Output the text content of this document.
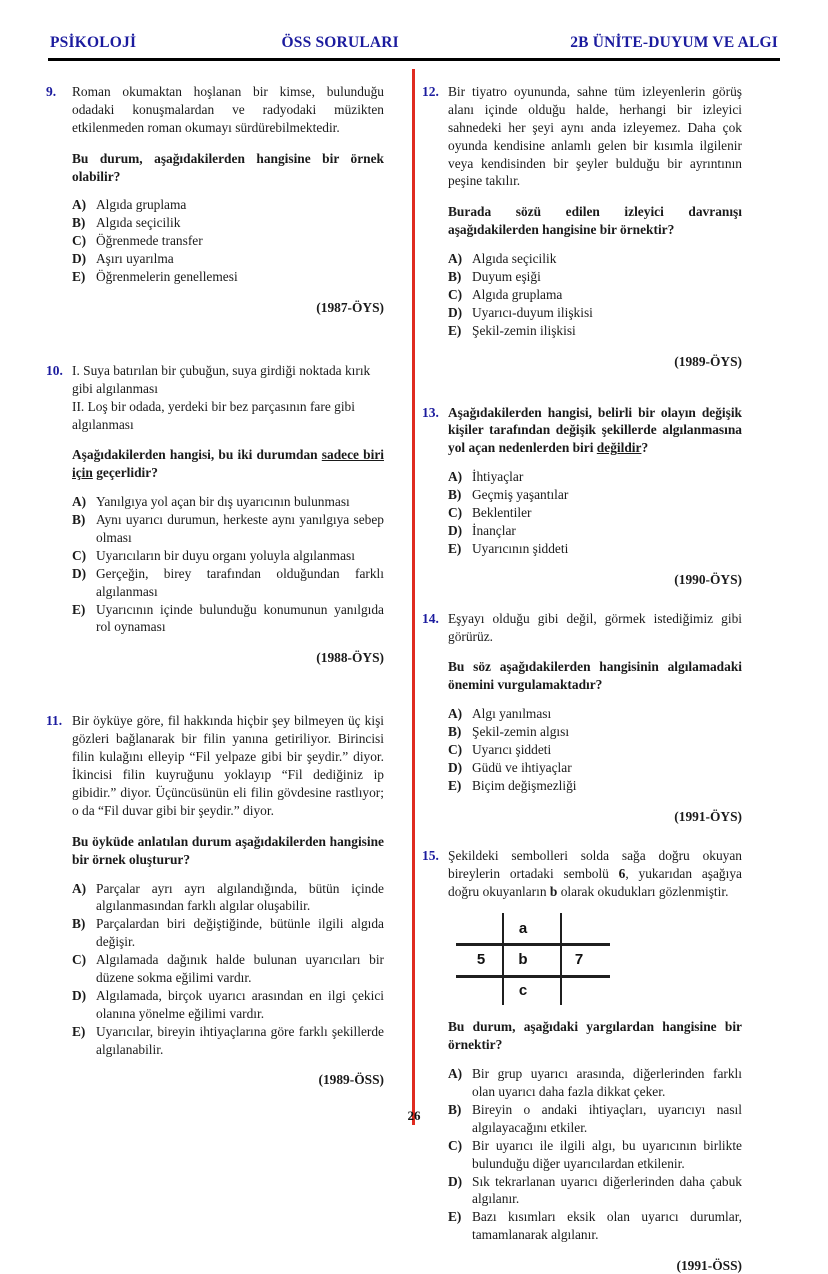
PSİKOLOJİ	ÖSS SORULARI	2B ÜNİTE-DUYUM VE ALGI
9.	Roman okumaktan hoşlanan bir kimse, bulunduğu odadaki konuşmalardan ve radyodaki müzikten etkilenmeden roman okumayı sürdürebilmektedir.

Bu durum, aşağıdakilerden hangisine bir örnek olabilir?

A) Algıda gruplama
B) Algıda seçicilik
C) Öğrenmede transfer
D) Aşırı uyarılma
E) Öğrenmelerin genellemesi
(1987-ÖYS)
10. I. Suya batırılan bir çubuğun, suya girdiği noktada kırık gibi algılanması

II. Loş bir odada, yerdeki bir bez parçasının fare gibi algılanması

Aşağıdakilerden hangisi, bu iki durumdan sadece biri için geçerlidir?

A) Yanılgıya yol açan bir dış uyarıcının bulunması
B) Aynı uyarıcı durumun, herkeste aynı yanılgıya sebep olması
C) Uyarıcıların bir duyu organı yoluyla algılanması
D) Gerçeğin, birey tarafından olduğundan farklı algılanması
E) Uyarıcının içinde bulunduğu konumunun yanılgıda rol oynaması
(1988-ÖYS)
11. Bir öyküye göre, fil hakkında hiçbir şey bilmeyen üç kişi gözleri bağlanarak bir filin yanına getiriliyor. Birincisi filin kulağını elleyip “Fil yelpaze gibi bir şeydir.” diyor. İkincisi filin kuyruğunu yoklayıp “Fil dediğiniz ip gibidir.” diyor. Üçüncüsünün eli filin gövdesine rastlıyor; o da “Fil duvar gibi bir şeydir.” diyor.

Bu öyküde anlatılan durum aşağıdakilerden hangisine bir örnek oluşturur?

A) Parçalar ayrı ayrı algılandığında, bütün içinde algılanmasından farklı algılar oluşabilir.
B) Parçalardan biri değiştiğinde, bütünle ilgili algıda değişir.
C) Algılamada dağınık halde bulunan uyarıcıları bir düzene sokma eğilimi vardır.
D) Algılamada, birçok uyarıcı arasından en ilgi çekici olanına yönelme eğilimi vardır.
E) Uyarıcılar, bireyin ihtiyaçlarına göre farklı şekillerde algılanabilir.
(1989-ÖSS)
12. Bir tiyatro oyununda, sahne tüm izleyenlerin görüş alanı içinde olduğu halde, herhangi bir izleyici sahnedeki her şeyi aynı anda izleyemez. Daha çok oyunda kendisine anlamlı gelen bir kısımla ilgilenir veya kendisinden bir şeyler bulduğu bir ayrıntının peşine takılır.

Burada sözü edilen izleyici davranışı aşağıdakilerden hangisine bir örnektir?

A) Algıda seçicilik
B) Duyum eşiği
C) Algıda gruplama
D) Uyarıcı-duyum ilişkisi
E) Şekil-zemin ilişkisi
(1989-ÖYS)
13. Aşağıdakilerden hangisi, belirli bir olayın değişik kişiler tarafından değişik şekillerde algılanmasına yol açan nedenlerden biri değildir?

A) İhtiyaçlar
B) Geçmiş yaşantılar
C) Beklentiler
D) İnançlar
E) Uyarıcının şiddeti
(1990-ÖYS)
14. Eşyayı olduğu gibi değil, görmek istediğimiz gibi görürüz.

Bu söz aşağıdakilerden hangisinin algılamadaki önemini vurgulamaktadır?

A) Algı yanılması
B) Şekil-zemin algısı
C) Uyarıcı şiddeti
D) Güdü ve ihtiyaçlar
E) Biçim değişmezliği
(1991-ÖYS)
15. Şekildeki sembolleri solda sağa doğru okuyan bireylerin ortadaki sembolü 6, yukarıdan aşağıya doğru okuyanların b olarak okudukları gözlenmiştir.

a
5	b	7
c

Bu durum, aşağıdaki yargılardan hangisine bir örnektir?

A) Bir grup uyarıcı arasında, diğerlerinden farklı olan uyarıcı daha fazla dikkat çeker.
B) Bireyin o andaki ihtiyaçları, uyarıcıyı nasıl algılayacağını etkiler.
C) Bir uyarıcı ile ilgili algı, bu uyarıcının birlikte bulunduğu diğer uyarıcılardan etkilenir.
D) Sık tekrarlanan uyarıcı diğerlerinden daha çabuk algılanır.
E) Bazı kısımları eksik olan uyarıcı durumlar, tamamlanarak algılanır.
(1991-ÖSS)
26
